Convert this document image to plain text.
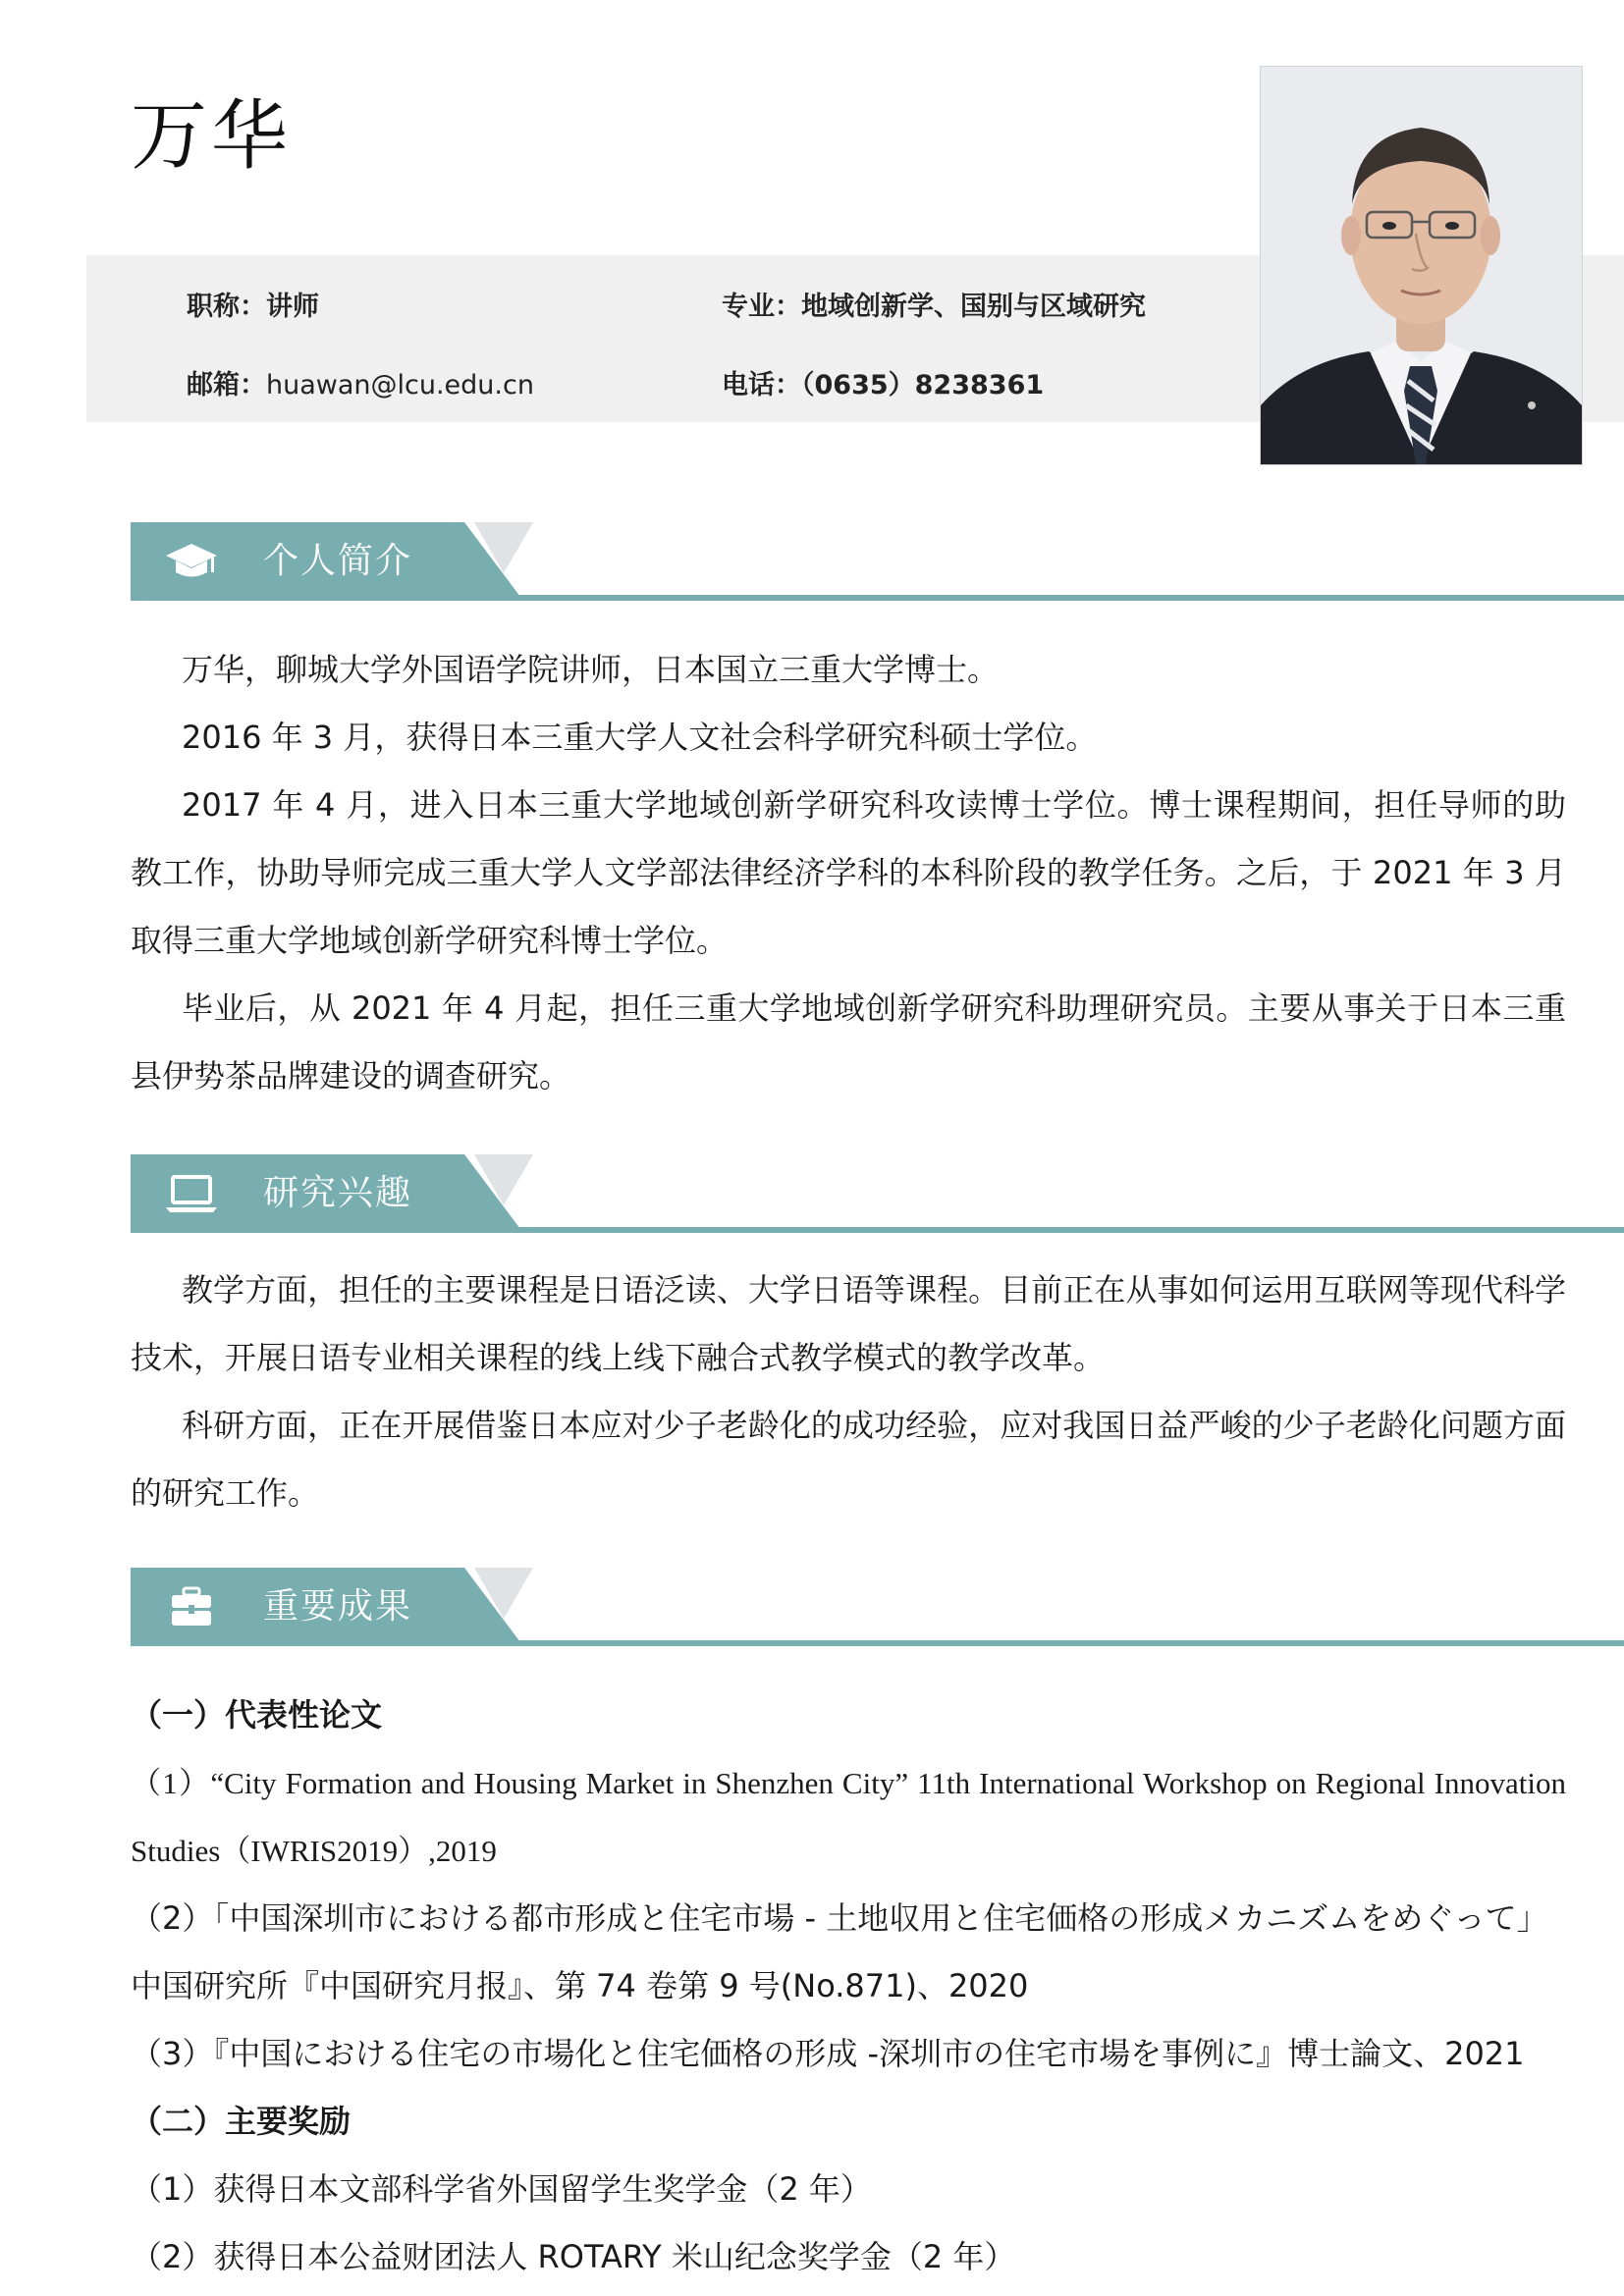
万华
职称：讲师	专业：地域创新学、国别与区域研究
邮箱：huawan@lcu.edu.cn	电话：（0635）8238361
个人简介

万华，聊城大学外国语学院讲师，日本国立三重大学博士。

2016 年 3 月，获得日本三重大学人文社会科学研究科硕士学位。

2017 年 4 月，进入日本三重大学地域创新学研究科攻读博士学位。博士课程期间，担任导师的助教工作，协助导师完成三重大学人文学部法律经济学科的本科阶段的教学任务。之后，于 2021 年 3 月取得三重大学地域创新学研究科博士学位。

毕业后，从 2021 年 4 月起，担任三重大学地域创新学研究科助理研究员。主要从事关于日本三重县伊势茶品牌建设的调查研究。

研究兴趣

教学方面，担任的主要课程是日语泛读、大学日语等课程。目前正在从事如何运用互联网等现代科学技术，开展日语专业相关课程的线上线下融合式教学模式的教学改革。

科研方面，正在开展借鉴日本应对少子老龄化的成功经验，应对我国日益严峻的少子老龄化问题方面的研究工作。

重要成果

（一）代表性论文

（1）“City Formation and Housing Market in Shenzhen City” 11th International Workshop on Regional Innovation Studies（IWRIS2019）,2019

（2）｢中国深圳市における都市形成と住宅市場 - 土地収用と住宅価格の形成メカニズムをめぐって｣ 中国研究所『中国研究月报』、第 74 卷第 9 号(No.871)、2020

（3）『中国における住宅の市場化と住宅価格の形成 -深圳市の住宅市場を事例に』博士論文、2021

（二）主要奖励

（1）获得日本文部科学省外国留学生奖学金（2 年）

（2）获得日本公益财团法人 ROTARY 米山纪念奖学金（2 年）
